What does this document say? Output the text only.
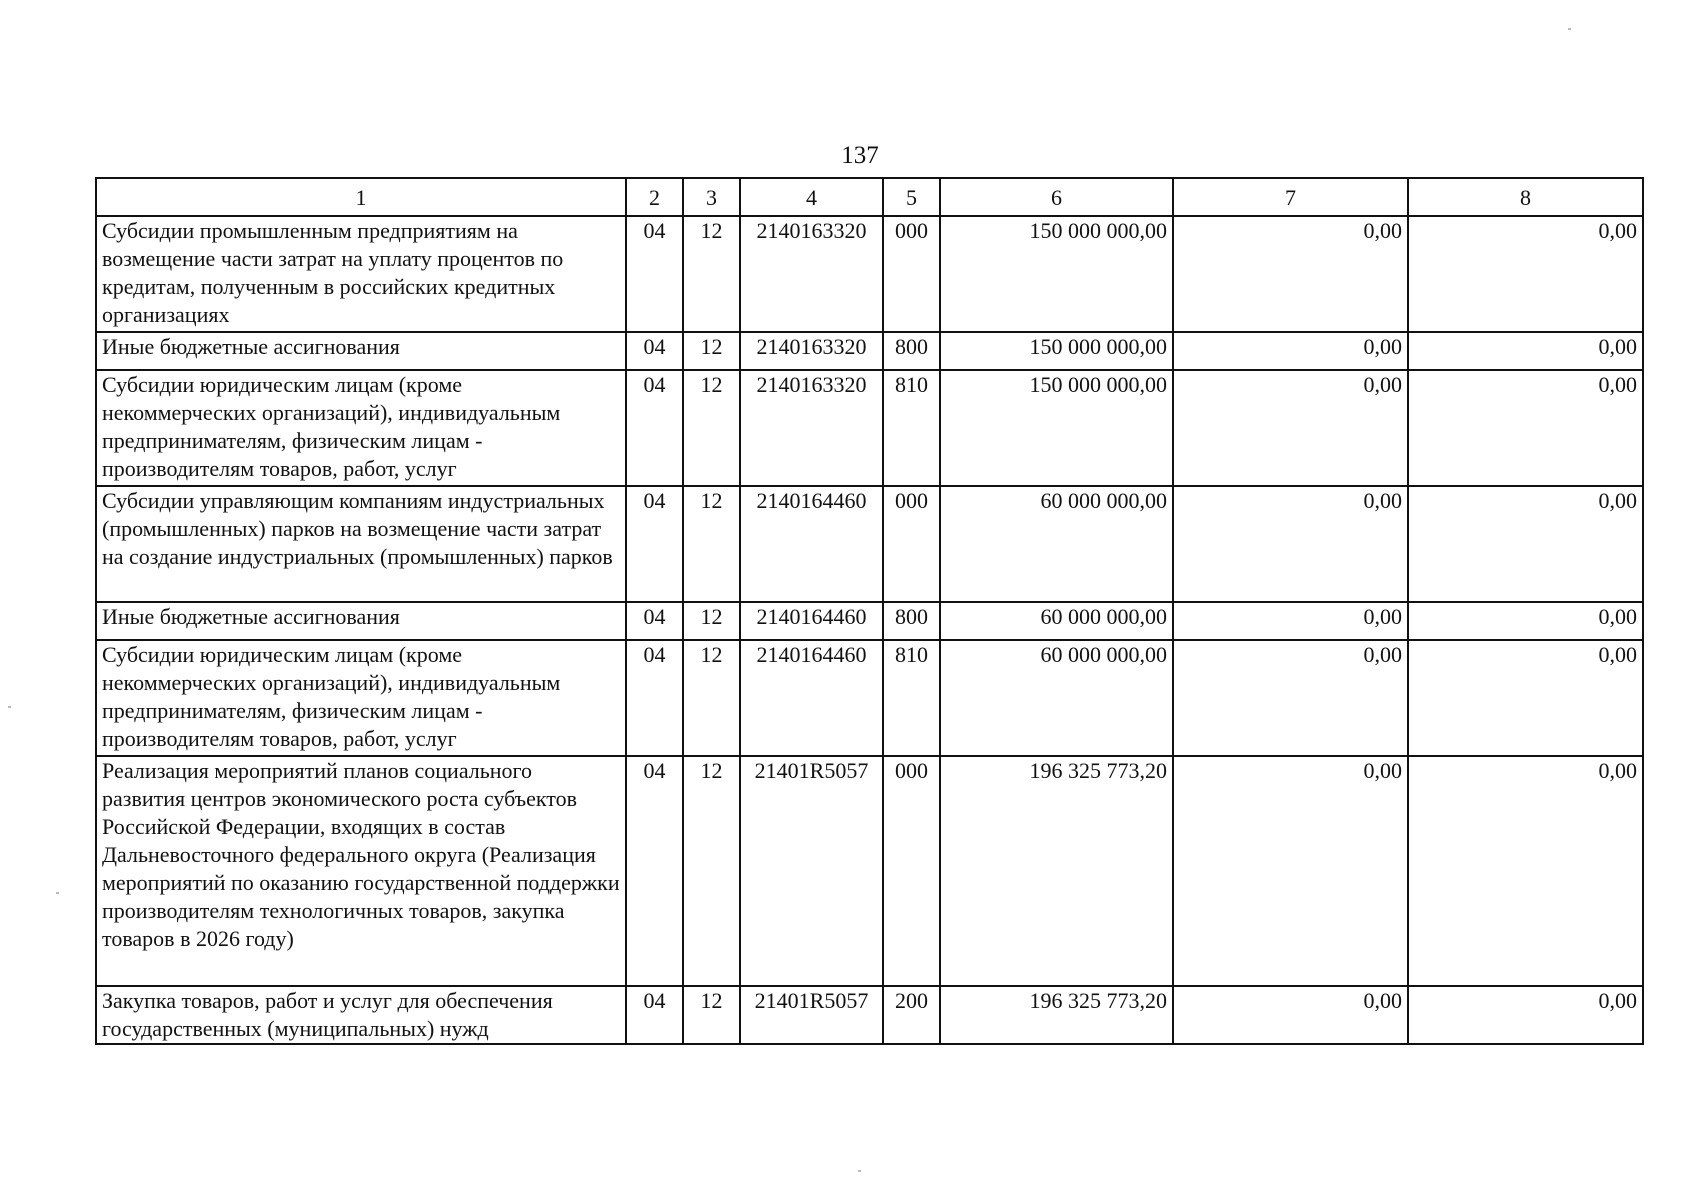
137
1	2	3	4	5	6	7	8
Субсидии промышленным предприятиям на возмещение части затрат на уплату процентов по кредитам, полученным в российских кредитных организациях	04	12	2140163320	000	150 000 000,00	0,00	0,00
Иные бюджетные ассигнования	04	12	2140163320	800	150 000 000,00	0,00	0,00
Субсидии юридическим лицам (кроме некоммерческих организаций), индивидуальным предпринимателям, физическим лицам - производителям товаров, работ, услуг	04	12	2140163320	810	150 000 000,00	0,00	0,00
Субсидии управляющим компаниям индустриальных (промышленных) парков на возмещение части затрат на создание индустриальных (промышленных) парков	04	12	2140164460	000	60 000 000,00	0,00	0,00
Иные бюджетные ассигнования	04	12	2140164460	800	60 000 000,00	0,00	0,00
Субсидии юридическим лицам (кроме некоммерческих организаций), индивидуальным предпринимателям, физическим лицам - производителям товаров, работ, услуг	04	12	2140164460	810	60 000 000,00	0,00	0,00
Реализация мероприятий планов социального развития центров экономического роста субъектов Российской Федерации, входящих в состав Дальневосточного федерального округа (Реализация мероприятий по оказанию государственной поддержки производителям технологичных товаров, закупка товаров в 2026 году)	04	12	21401R5057	000	196 325 773,20	0,00	0,00
Закупка товаров, работ и услуг для обеспечения государственных (муниципальных) нужд	04	12	21401R5057	200	196 325 773,20	0,00	0,00
